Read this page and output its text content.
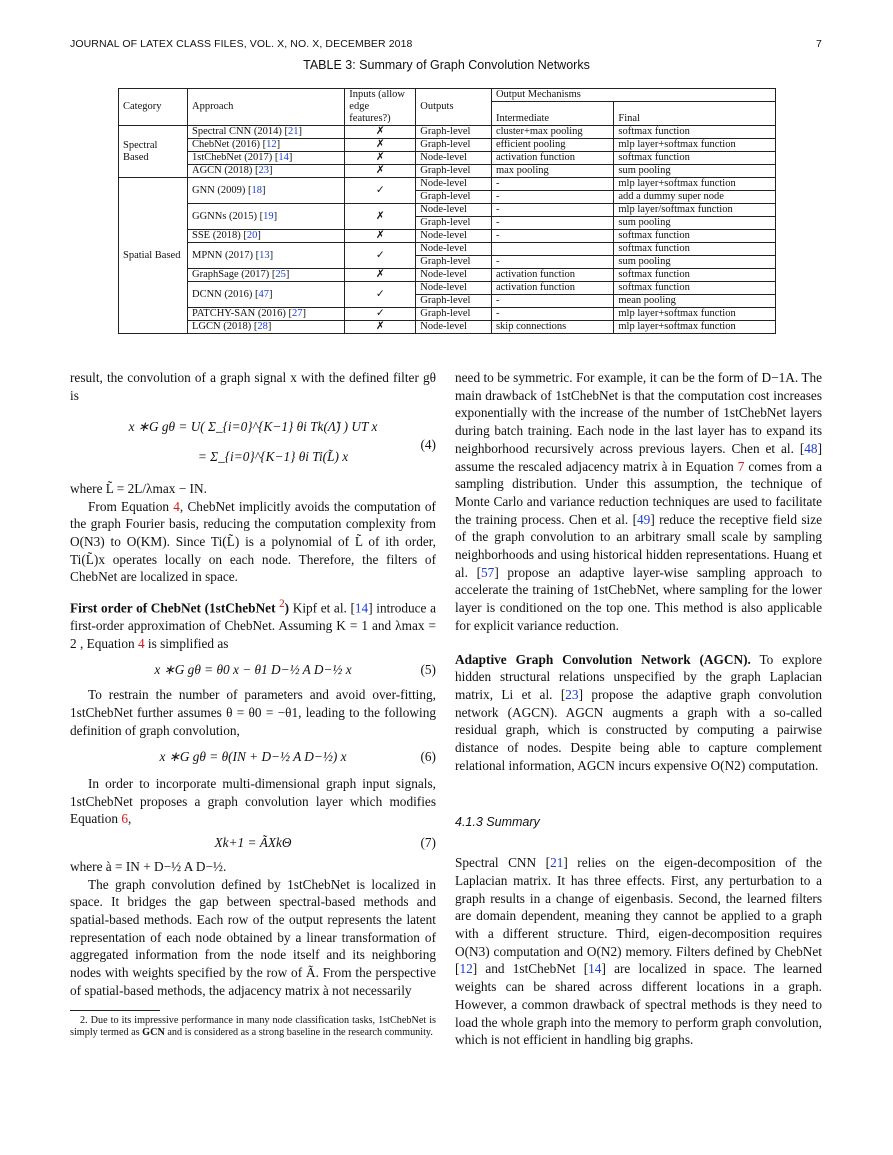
JOURNAL OF LATEX CLASS FILES, VOL. X, NO. X, DECEMBER 2018	7
TABLE 3: Summary of Graph Convolution Networks
Category	Approach	Inputs (allow edge features?)	Outputs	Output Mechanisms	
				Intermediate	Final
Spectral Based	Spectral CNN (2014) [21]	✗	Graph-level	cluster+max pooling	softmax function
	ChebNet (2016) [12]	✗	Graph-level	efficient pooling	mlp layer+softmax function
	1stChebNet (2017) [14]	✗	Node-level	activation function	softmax function
	AGCN (2018) [23]	✗	Graph-level	max pooling	sum pooling
Spatial Based	GNN (2009) [18]	✓	Node-level	-	mlp layer+softmax function
			Graph-level	-	add a dummy super node
	GGNNs (2015) [19]	✗	Node-level	-	mlp layer/softmax function
			Graph-level	-	sum pooling
	SSE (2018) [20]	✗	Node-level	-	softmax function
	MPNN (2017) [13]	✓	Node-level		softmax function
			Graph-level	-	sum pooling
	GraphSage (2017) [25]	✗	Node-level	activation function	softmax function
	DCNN (2016) [47]	✓	Node-level	activation function	softmax function
			Graph-level	-	mean pooling
	PATCHY-SAN (2016) [27]	✓	Graph-level	-	mlp layer+softmax function
	LGCN (2018) [28]	✗	Node-level	skip connections	mlp layer+softmax function

result, the convolution of a graph signal x with the defined filter gθ is

x ∗G gθ = U( Σ_{i=0}^{K−1} θi Tk(Λ̃) ) UT x
= Σ_{i=0}^{K−1} θi Ti(L̃) x
(4)

where L̃ = 2L/λmax − IN.

From Equation 4, ChebNet implicitly avoids the computation of the graph Fourier basis, reducing the computation complexity from O(N3) to O(KM). Since Ti(L̃) is a polynomial of L̃ of ith order, Ti(L̃)x operates locally on each node. Therefore, the filters of ChebNet are localized in space.

First order of ChebNet (1stChebNet $^2$) Kipf et al. [14] introduce a first-order approximation of ChebNet. Assuming K = 1 and λmax = 2 , Equation 4 is simplified as

x ∗G gθ = θ0 x − θ1 D−½ A D−½ x	(5)

To restrain the number of parameters and avoid over-fitting, 1stChebNet further assumes θ = θ0 = −θ1, leading to the following definition of graph convolution,

x ∗G gθ = θ(IN + D−½ A D−½) x	(6)

In order to incorporate multi-dimensional graph input signals, 1stChebNet proposes a graph convolution layer which modifies Equation 6,

Xk+1 = ÃXkΘ	(7)

where à = IN + D−½ A D−½.

The graph convolution defined by 1stChebNet is localized in space. It bridges the gap between spectral-based methods and spatial-based methods. Each row of the output represents the latent representation of each node obtained by a linear transformation of aggregated information from the node itself and its neighboring nodes with weights specified by the row of Ã. From the perspective of spatial-based methods, the adjacency matrix à not necessarily

2. Due to its impressive performance in many node classification tasks, 1stChebNet is simply termed as GCN and is considered as a strong baseline in the research community.

need to be symmetric. For example, it can be the form of D−1A. The main drawback of 1stChebNet is that the computation cost increases exponentially with the increase of the number of 1stChebNet layers during batch training. Each node in the last layer has to expand its neighborhood recursively across previous layers. Chen et al. [48] assume the rescaled adjacency matrix à in Equation 7 comes from a sampling distribution. Under this assumption, the technique of Monte Carlo and variance reduction techniques are used to facilitate the training process. Chen et al. [49] reduce the receptive field size of the graph convolution to an arbitrary small scale by sampling neighborhoods and using historical hidden representations. Huang et al. [57] propose an adaptive layer-wise sampling approach to accelerate the training of 1stChebNet, where sampling for the lower layer is conditioned on the top one. This method is also applicable for explicit variance reduction.

Adaptive Graph Convolution Network (AGCN). To explore hidden structural relations unspecified by the graph Laplacian matrix, Li et al. [23] propose the adaptive graph convolution network (AGCN). AGCN augments a graph with a so-called residual graph, which is constructed by computing a pairwise distance of nodes. Despite being able to capture complement relational information, AGCN incurs expensive O(N2) computation.

4.1.3 Summary

Spectral CNN [21] relies on the eigen-decomposition of the Laplacian matrix. It has three effects. First, any perturbation to a graph results in a change of eigenbasis. Second, the learned filters are domain dependent, meaning they cannot be applied to a graph with a different structure. Third, eigen-decomposition requires O(N3) computation and O(N2) memory. Filters defined by ChebNet [12] and 1stChebNet [14] are localized in space. The learned weights can be shared across different locations in a graph. However, a common drawback of spectral methods is they need to load the whole graph into the memory to perform graph convolution, which is not efficient in handling big graphs.
